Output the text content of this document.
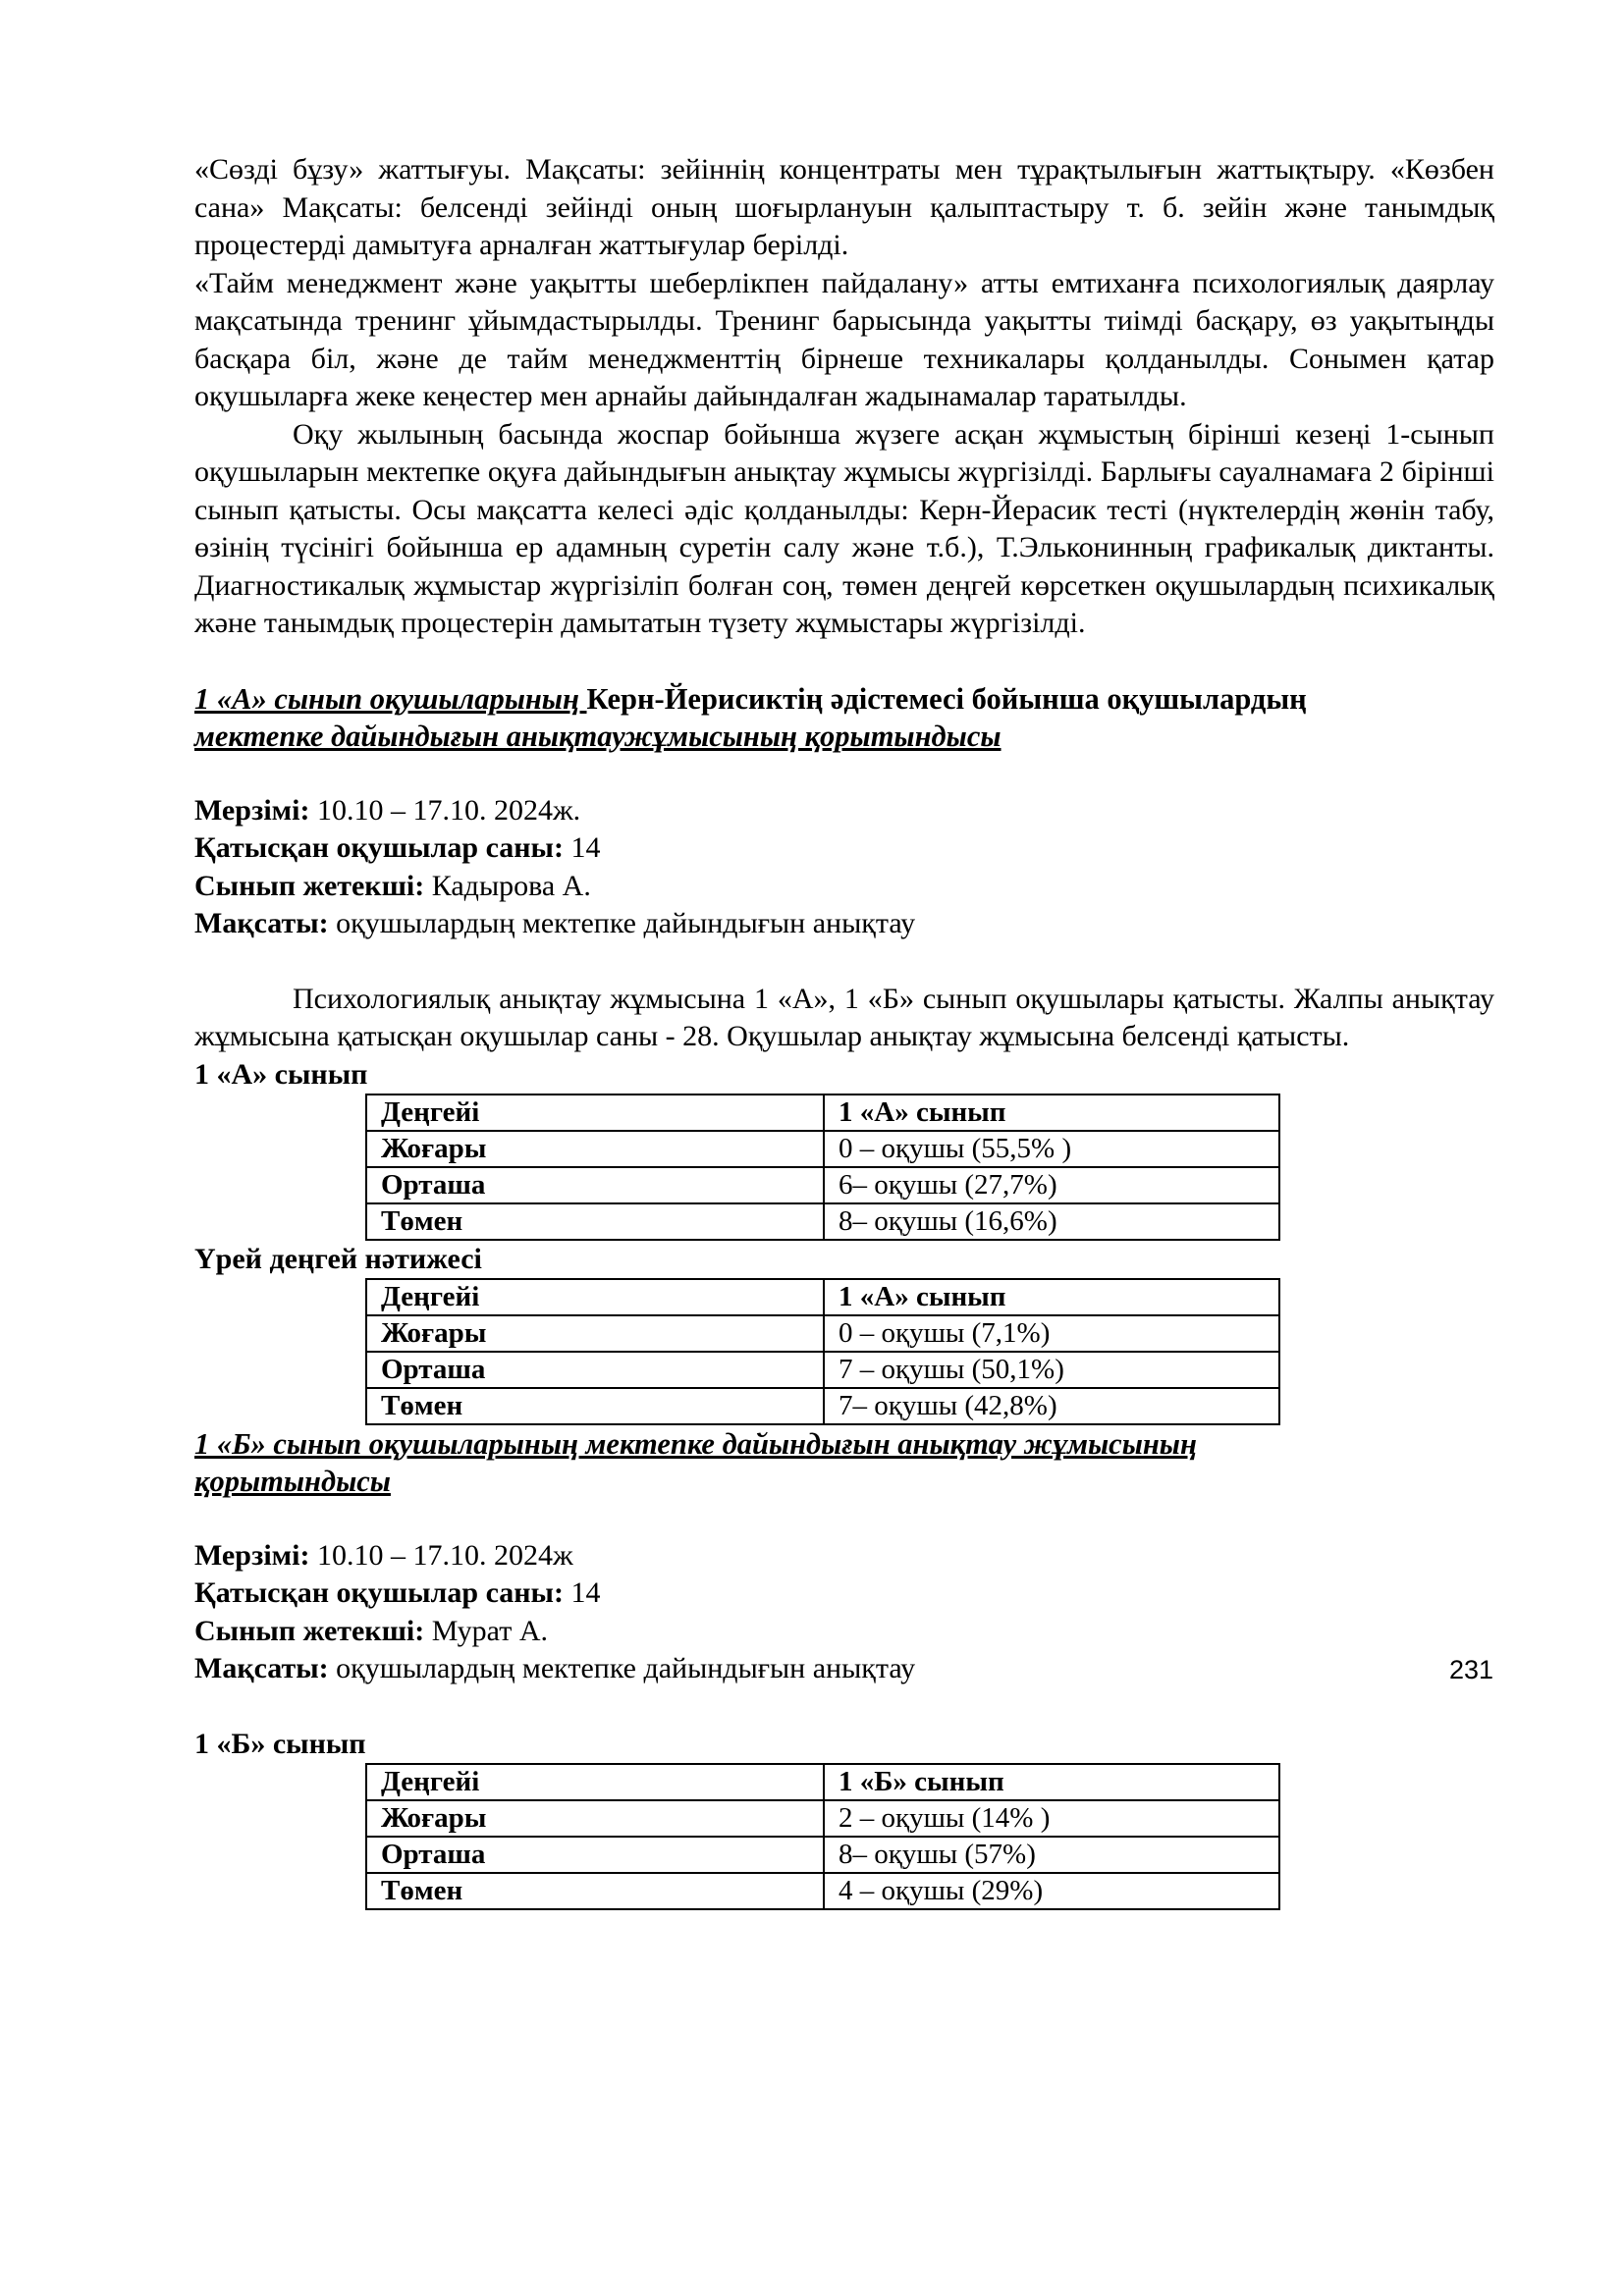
«Сөзді бұзу» жаттығуы. Мақсаты: зейіннің концентраты мен тұрақтылығын жаттықтыру. «Көзбен сана» Мақсаты: белсенді зейінді оның шоғырлануын қалыптастыру т. б. зейін және танымдық процестерді дамытуға арналған жаттығулар берілді.

«Тайм менеджмент және уақытты шеберлікпен пайдалану» атты емтиханға психологиялық даярлау мақсатында тренинг ұйымдастырылды. Тренинг барысында уақытты тиімді басқару, өз уақытыңды басқара біл, және де тайм менеджменттің бірнеше техникалары қолданылды. Сонымен қатар оқушыларға жеке кеңестер мен арнайы дайындалған жадынамалар таратылды.

Оқу жылының басында жоспар бойынша жүзеге асқан жұмыстың бірінші кезеңі 1-сынып оқушыларын мектепке оқуға дайындығын анықтау жұмысы жүргізілді. Барлығы сауалнамаға 2 бірінші сынып қатысты. Осы мақсатта келесі әдіс қолданылды: Керн-Йерасик тесті (нүктелердің жөнін табу, өзінің түсінігі бойынша ер адамның суретін салу және т.б.), Т.Эльконинның графикалық диктанты. Диагностикалық жұмыстар жүргізіліп болған соң, төмен деңгей көрсеткен оқушылардың психикалық және танымдық процестерін дамытатын түзету жұмыстары жүргізілді.

1 «А» сынып оқушыларының Керн-Йерисиктің әдістемесі бойынша оқушылардың
мектепке дайындығын анықтаужұмысының қорытындысы

Мерзімі: 10.10 – 17.10. 2024ж.

Қатысқан оқушылар саны: 14

Сынып жетекші: Кадырова А.

Мақсаты: оқушылардың мектепке дайындығын анықтау

Психологиялық анықтау жұмысына 1 «А», 1 «Б» сынып оқушылары қатысты. Жалпы анықтау жұмысына қатысқан оқушылар саны - 28. Оқушылар анықтау жұмысына белсенді қатысты.

1 «А» сынып

Деңгейі	1 «А» сынып
Жоғары	0 – оқушы (55,5% )
Орташа	6– оқушы (27,7%)
Төмен	8– оқушы (16,6%)

Үрей деңгей нәтижесі

Деңгейі	1 «А» сынып
Жоғары	0 – оқушы (7,1%)
Орташа	7 – оқушы (50,1%)
Төмен	7– оқушы (42,8%)

1 «Б» сынып оқушыларының мектепке дайындығын анықтау жұмысының
қорытындысы

Мерзімі: 10.10 – 17.10. 2024ж

Қатысқан оқушылар саны: 14

Сынып жетекші: Мурат А.

Мақсаты: оқушылардың мектепке дайындығын анықтау

1 «Б» сынып

Деңгейі	1 «Б» сынып
Жоғары	2 – оқушы (14% )
Орташа	8– оқушы (57%)
Төмен	4 – оқушы (29%)
231
